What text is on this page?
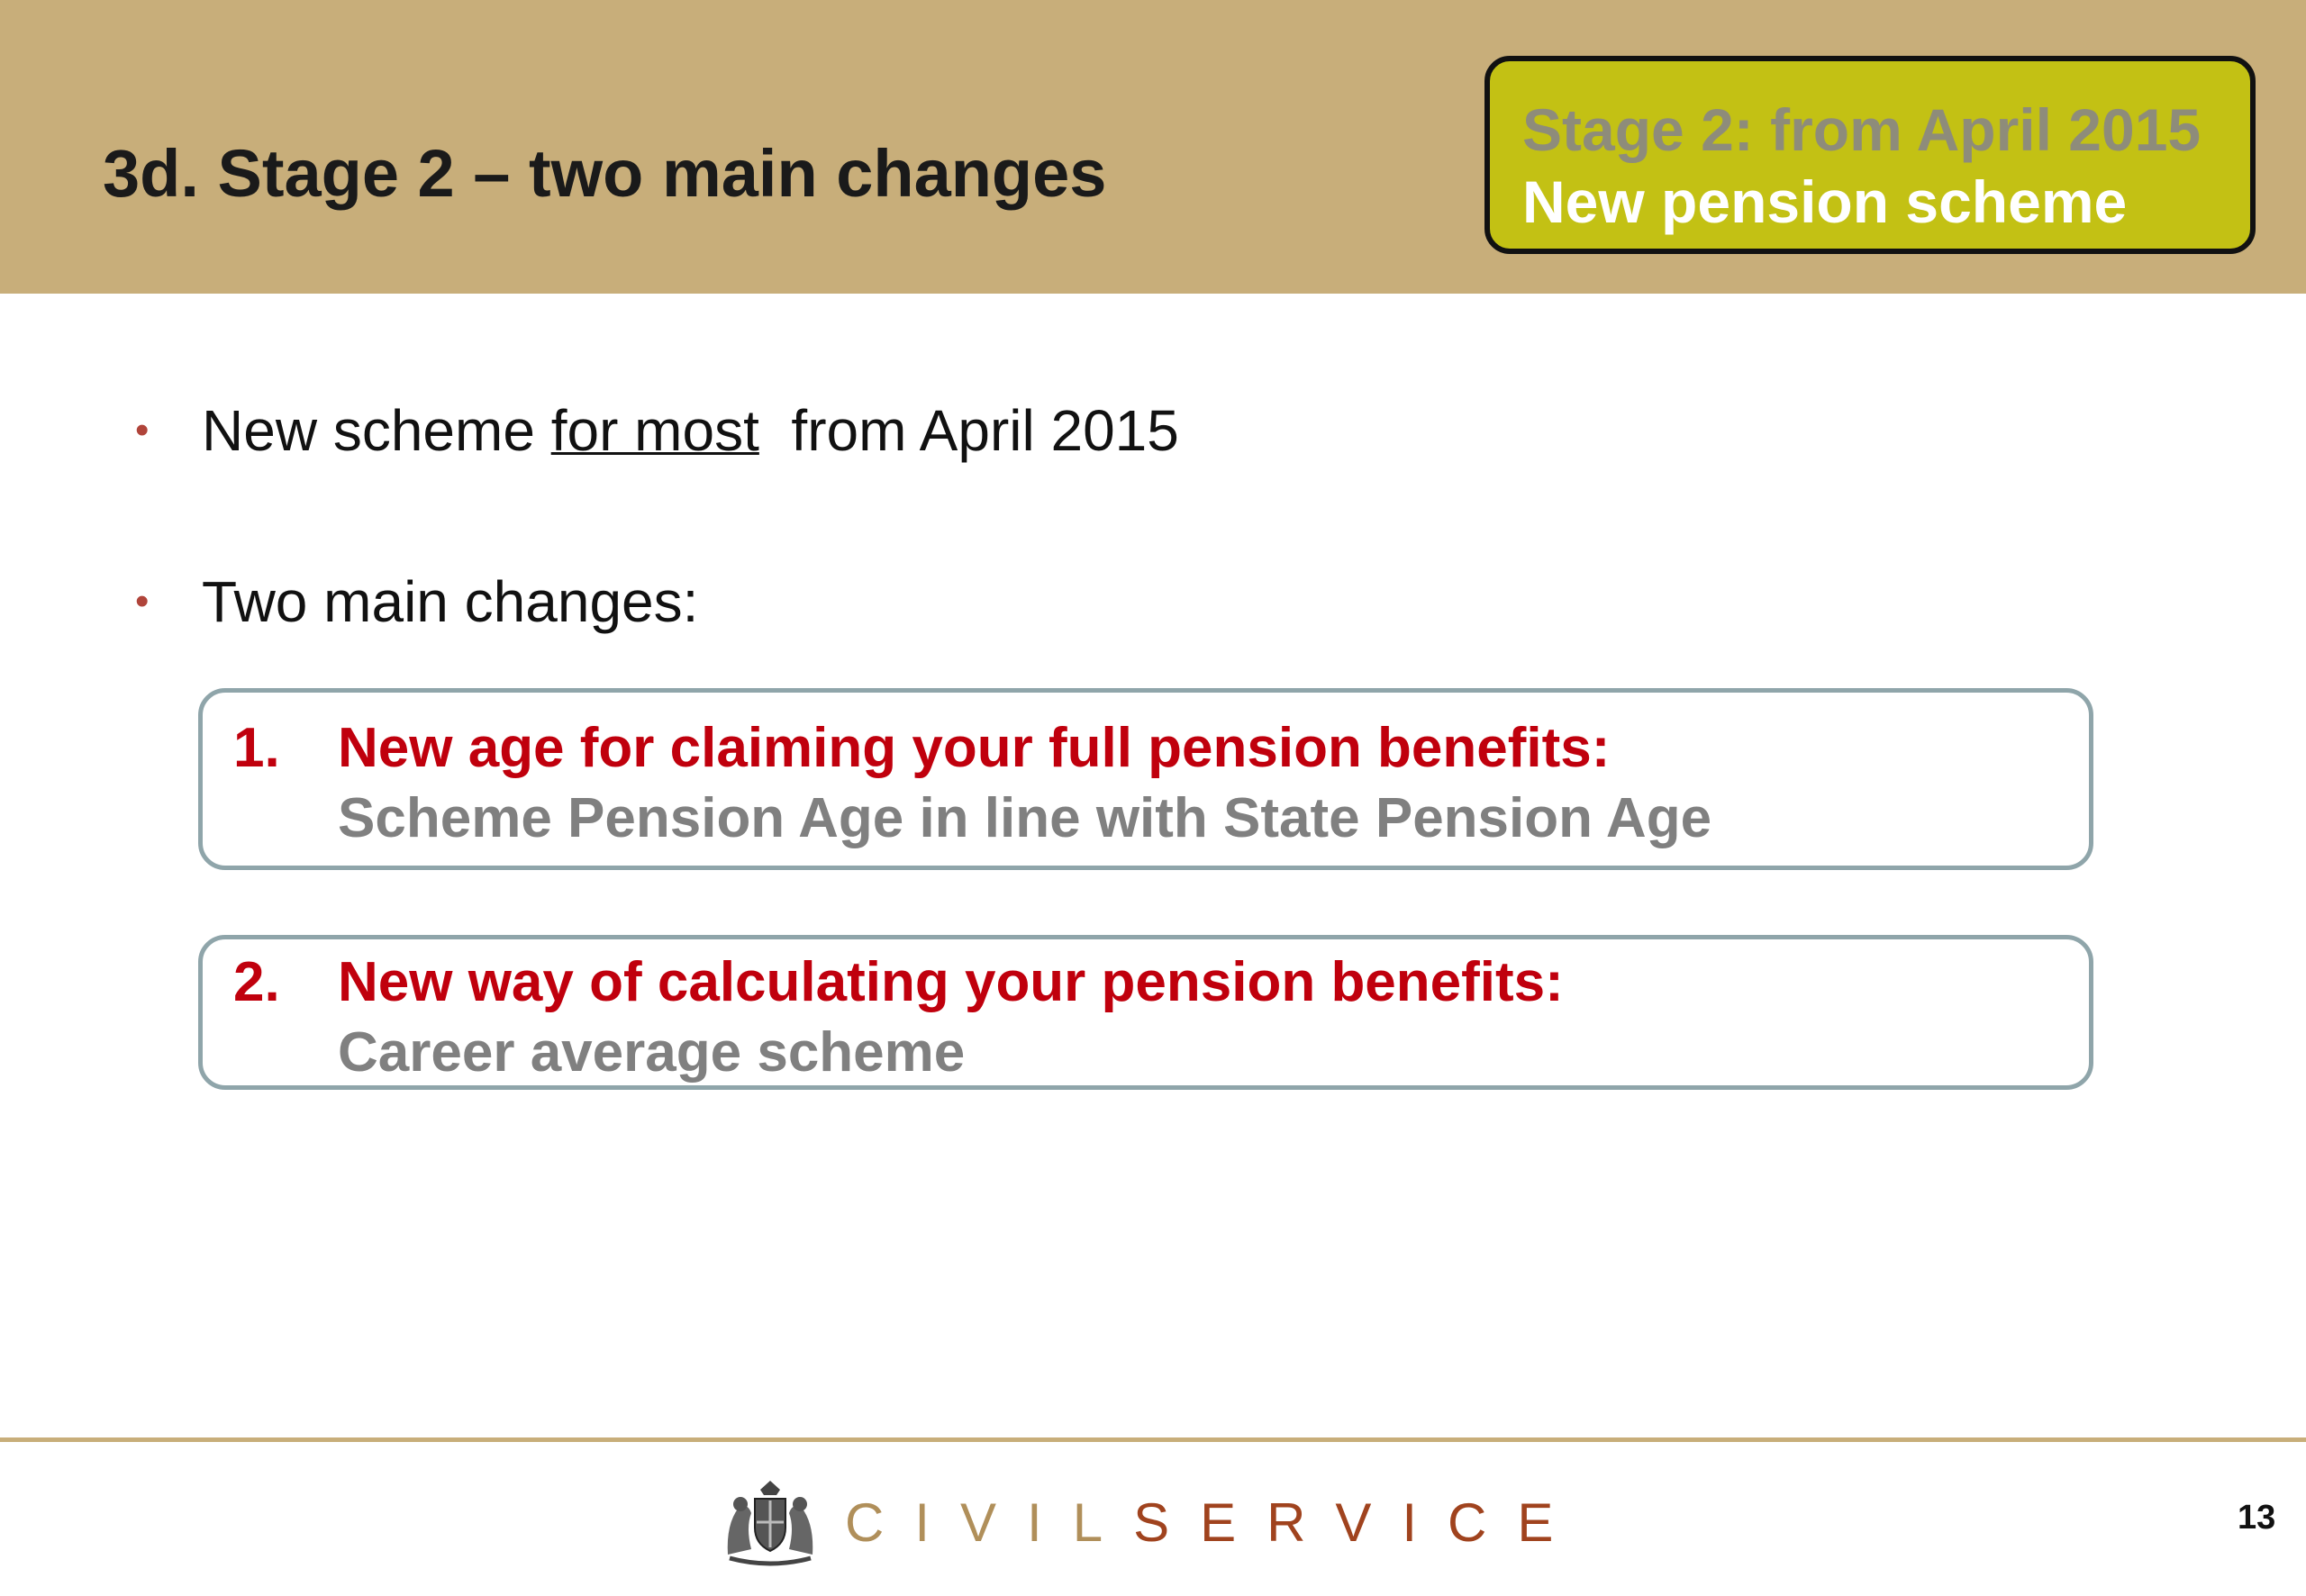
3d. Stage 2 – two main changes
Stage 2: from April 2015
New pension scheme
• New scheme for most  from April 2015
• Two main changes:
1. New age for claiming your full pension benefits:
Scheme Pension Age in line with State Pension Age
2. New way of calculating your pension benefits:
Career average scheme
CIVILSERVICE	13
